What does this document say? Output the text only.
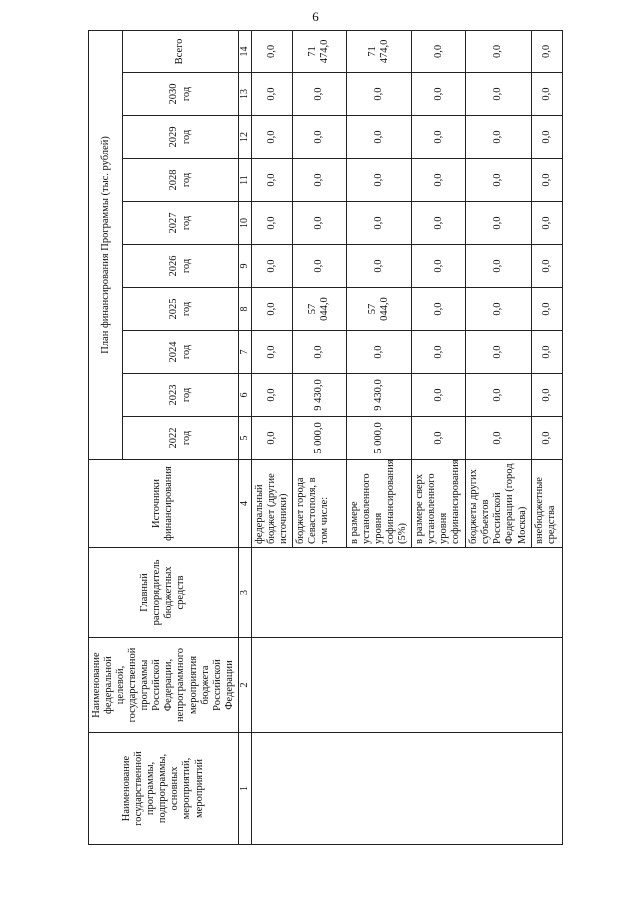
6
Наименование государственной программы, подпрограммы, основных мероприятий, мероприятий	Наименование федеральной целевой, государственной программы Российской Федерации, непрограммного мероприятия бюджета Российской Федерации	Главный распорядитель бюджетных средств	Источники финансирования	План финансирования Программы (тыс. рублей)									
				2022 год	2023 год	2024 год	2025 год	2026 год	2027 год	2028 год	2029 год	2030 год	Всего
1	2	3	4	5	6	7	8	9	10	11	12	13	14
			федеральный бюджет (другие источники)	0,0	0,0	0,0	0,0	0,0	0,0	0,0	0,0	0,0	0,0
			бюджет города Севастополя, в том числе:	5 000,0	9 430,0	0,0	57 044,0	0,0	0,0	0,0	0,0	0,0	71 474,0
			в размере установленного уровня софинансирования (5%)	5 000,0	9 430,0	0,0	57 044,0	0,0	0,0	0,0	0,0	0,0	71 474,0
			в размере сверх установленного уровня софинансирования	0,0	0,0	0,0	0,0	0,0	0,0	0,0	0,0	0,0	0,0
			бюджеты других субъектов Российской Федерации (город Москва)	0,0	0,0	0,0	0,0	0,0	0,0	0,0	0,0	0,0	0,0
			внебюджетные средства	0,0	0,0	0,0	0,0	0,0	0,0	0,0	0,0	0,0	0,0
